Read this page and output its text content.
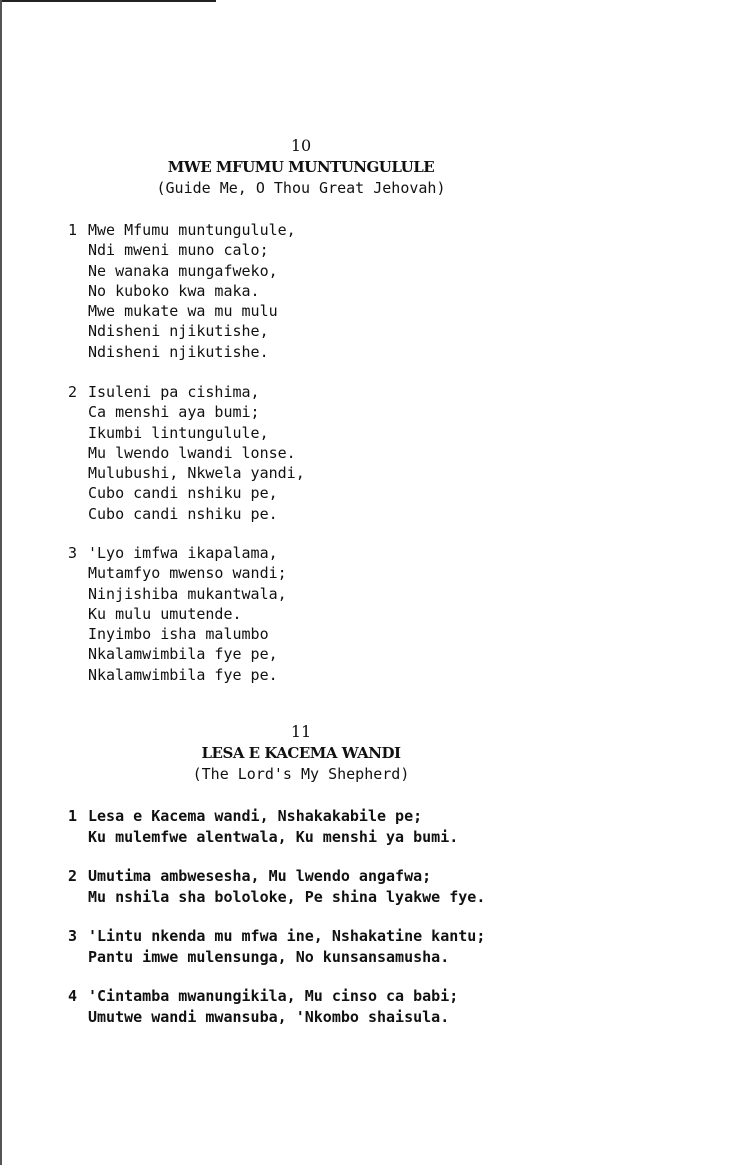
10
MWE MFUMU MUNTUNGULULE
(Guide Me, O Thou Great Jehovah)
1 Mwe Mfumu muntungulule,
Ndi mweni muno calo;
Ne wanaka mungafweko,
No kuboko kwa maka.
Mwe mukate wa mu mulu
Ndisheni njikutishe,
Ndisheni njikutishe.
2 Isuleni pa cishima,
Ca menshi aya bumi;
Ikumbi lintungulule,
Mu lwendo lwandi lonse.
Mulubushi, Nkwela yandi,
Cubo candi nshiku pe,
Cubo candi nshiku pe.
3 'Lyo imfwa ikapalama,
Mutamfyo mwenso wandi;
Ninjishiba mukantwala,
Ku mulu umutende.
Inyimbo isha malumbo
Nkalamwimbila fye pe,
Nkalamwimbila fye pe.
11
LESA E KACEMA WANDI
(The Lord's My Shepherd)
1 Lesa e Kacema wandi, Nshakakabile pe;
Ku mulemfwe alentwala, Ku menshi ya bumi.
2 Umutima ambwesesha, Mu lwendo angafwa;
Mu nshila sha bololoke, Pe shina lyakwe fye.
3 'Lintu nkenda mu mfwa ine, Nshakatine kantu;
Pantu imwe mulensunga, No kunsansamusha.
4 'Cintamba mwanungikila, Mu cinso ca babi;
Umutwe wandi mwansuba, 'Nkombo shaisula.
